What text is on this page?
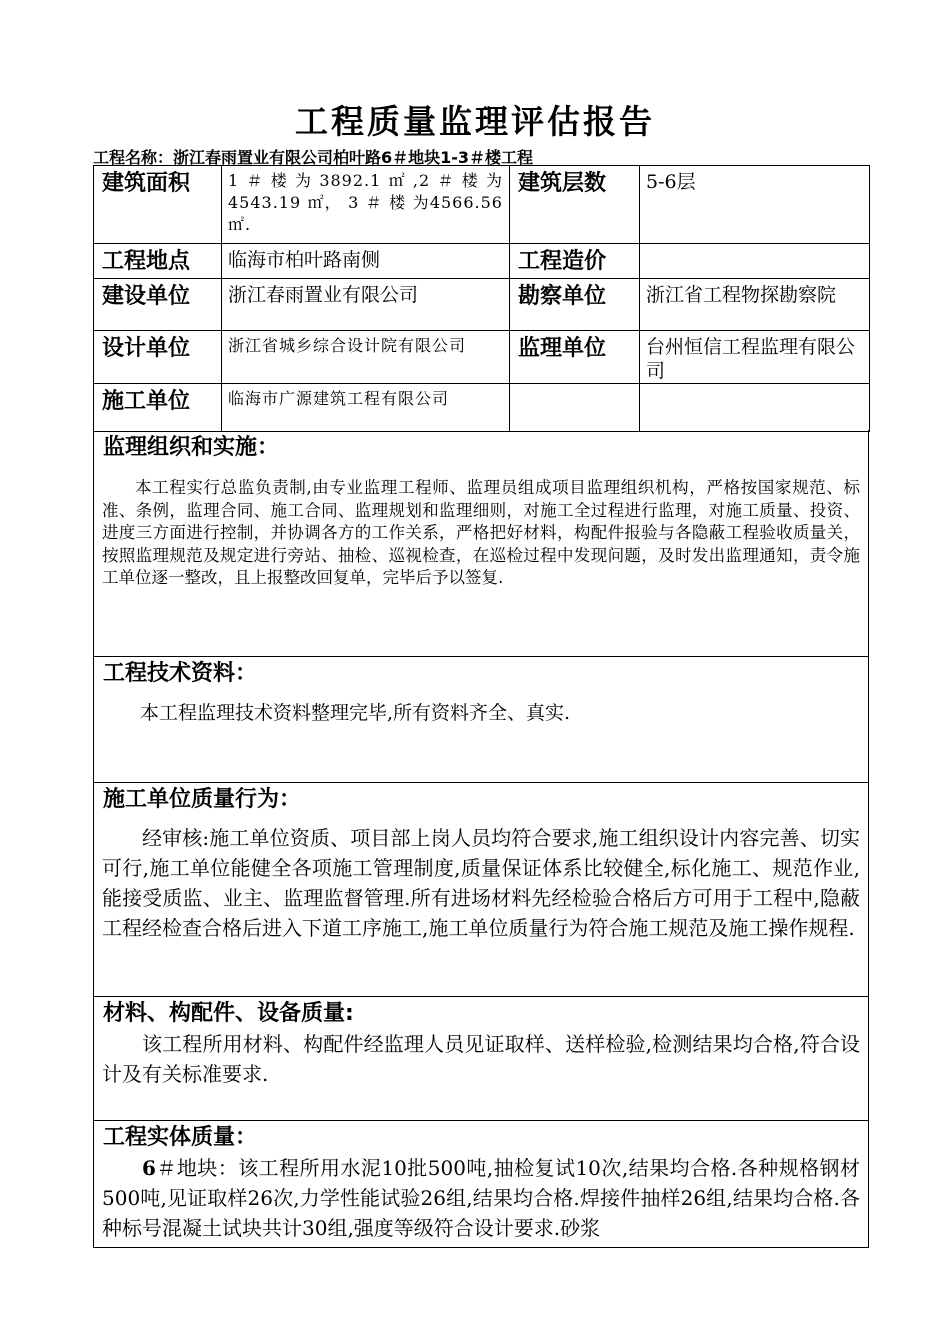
工程质量监理评估报告
工程名称：浙江春雨置业有限公司柏叶路6＃地块1-3＃楼工程
建筑面积	1＃楼为3892.1㎡,2＃楼为4543.19 ㎡， 3 ＃ 楼 为4566.56㎡.	建筑层数	5-6层
工程地点	临海市柏叶路南侧	工程造价	
建设单位	浙江春雨置业有限公司	勘察单位	浙江省工程物探勘察院
设计单位	浙江省城乡综合设计院有限公司	监理单位	台州恒信工程监理有限公司
施工单位	临海市广源建筑工程有限公司		
监理组织和实施：
本工程实行总监负责制,由专业监理工程师、监理员组成项目监理组织机构，严格按国家规范、标准、条例，监理合同、施工合同、监理规划和监理细则，对施工全过程进行监理，对施工质量、投资、进度三方面进行控制，并协调各方的工作关系，严格把好材料，构配件报验与各隐蔽工程验收质量关，按照监理规范及规定进行旁站、抽检、巡视检查，在巡检过程中发现问题，及时发出监理通知，责令施工单位逐一整改，且上报整改回复单，完毕后予以签复.
工程技术资料：
本工程监理技术资料整理完毕,所有资料齐全、真实.
施工单位质量行为：
经审核:施工单位资质、项目部上岗人员均符合要求,施工组织设计内容完善、切实可行,施工单位能健全各项施工管理制度,质量保证体系比较健全,标化施工、规范作业,能接受质监、业主、监理监督管理.所有进场材料先经检验合格后方可用于工程中,隐蔽工程经检查合格后进入下道工序施工,施工单位质量行为符合施工规范及施工操作规程.
材料、构配件、设备质量:
该工程所用材料、构配件经监理人员见证取样、送样检验,检测结果均合格,符合设计及有关标准要求.
工程实体质量：
6＃地块：该工程所用水泥10批500吨,抽检复试10次,结果均合格.各种规格钢材500吨,见证取样26次,力学性能试验26组,结果均合格.焊接件抽样26组,结果均合格.各种标号混凝土试块共计30组,强度等级符合设计要求.砂浆
